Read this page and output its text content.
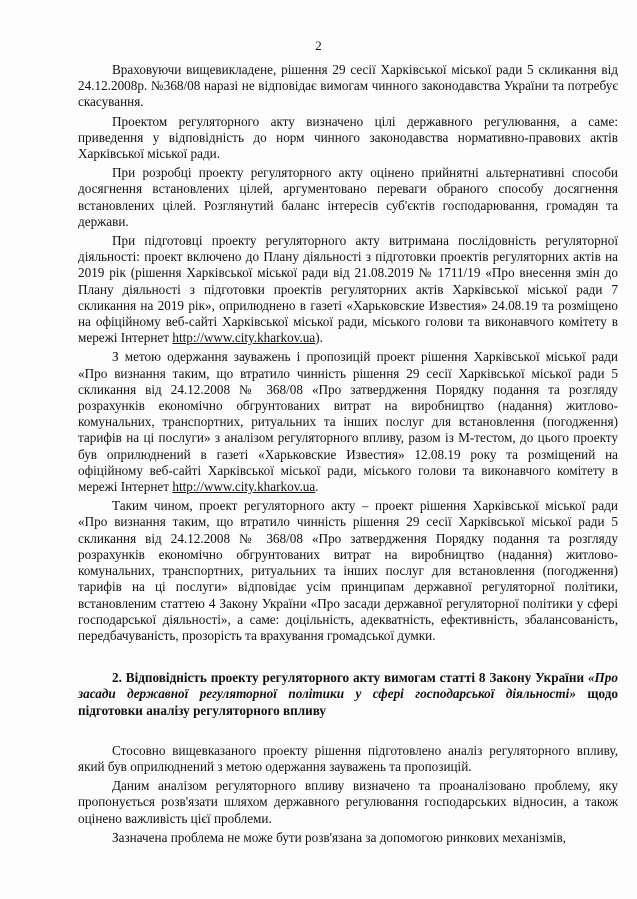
2

Враховуючи вищевикладене, рішення 29 сесії Харківської міської ради 5 скликання від 24.12.2008р. №368/08 наразі не відповідає вимогам чинного законодавства України та потребує скасування.

Проектом регуляторного акту визначено цілі державного регулювання, а саме: приведення у відповідність до норм чинного законодавства нормативно-правових актів Харківської міської ради.

При розробці проекту регуляторного акту оцінено прийнятні альтернативні способи досягнення встановлених цілей, аргументовано переваги обраного способу досягнення встановлених цілей. Розглянутий баланс інтересів суб'єктів господарювання, громадян та держави.

При підготовці проекту регуляторного акту витримана послідовність регуляторної діяльності: проект включено до Плану діяльності з підготовки проектів регуляторних актів на 2019 рік (рішення Харківської міської ради від 21.08.2019 № 1711/19 «Про внесення змін до Плану діяльності з підготовки проектів регуляторних актів Харківської міської ради 7 скликання на 2019 рік», оприлюднено в газеті «Харьковские Известия» 24.08.19 та розміщено на офіційному веб-сайті Харківської міської ради, міського голови та виконавчого комітету в мережі Інтернет http://www.city.kharkov.ua).

З метою одержання зауважень і пропозицій проект рішення Харківської міської ради «Про визнання таким, що втратило чинність рішення 29 сесії Харківської міської ради 5 скликання від 24.12.2008 № 368/08 «Про затвердження Порядку подання та розгляду розрахунків економічно обгрунтованих витрат на виробництво (надання) житлово-комунальних, транспортних, ритуальних та інших послуг для встановлення (погодження) тарифів на ці послуги» з аналізом регуляторного впливу, разом із М-тестом, до цього проекту був оприлюднений в газеті «Харьковские Известия» 12.08.19 року та розміщений на офіційному веб-сайті Харківської міської ради, міського голови та виконавчого комітету в мережі Інтернет http://www.city.kharkov.ua.

Таким чином, проект регуляторного акту – проект рішення Харківської міської ради «Про визнання таким, що втратило чинність рішення 29 сесії Харківської міської ради 5 скликання від 24.12.2008 № 368/08 «Про затвердження Порядку подання та розгляду розрахунків економічно обгрунтованих витрат на виробництво (надання) житлово-комунальних, транспортних, ритуальних та інших послуг для встановлення (погодження) тарифів на ці послуги» відповідає усім принципам державної регуляторної політики, встановленим статтею 4 Закону України «Про засади державної регуляторної політики у сфері господарської діяльності», а саме: доцільність, адекватність, ефективність, збалансованість, передбачуваність, прозорість та врахування громадської думки.

2. Відповідність проекту регуляторного акту вимогам статті 8 Закону України «Про засади державної регуляторної політики у сфері господарської діяльності» щодо підготовки аналізу регуляторного впливу

Стосовно вищевказаного проекту рішення підготовлено аналіз регуляторного впливу, який був оприлюднений з метою одержання зауважень та пропозицій.

Даним аналізом регуляторного впливу визначено та проаналізовано проблему, яку пропонується розв'язати шляхом державного регулювання господарських відносин, а також оцінено важливість цієї проблеми.

Зазначена проблема не може бути розв'язана за допомогою ринкових механізмів,
